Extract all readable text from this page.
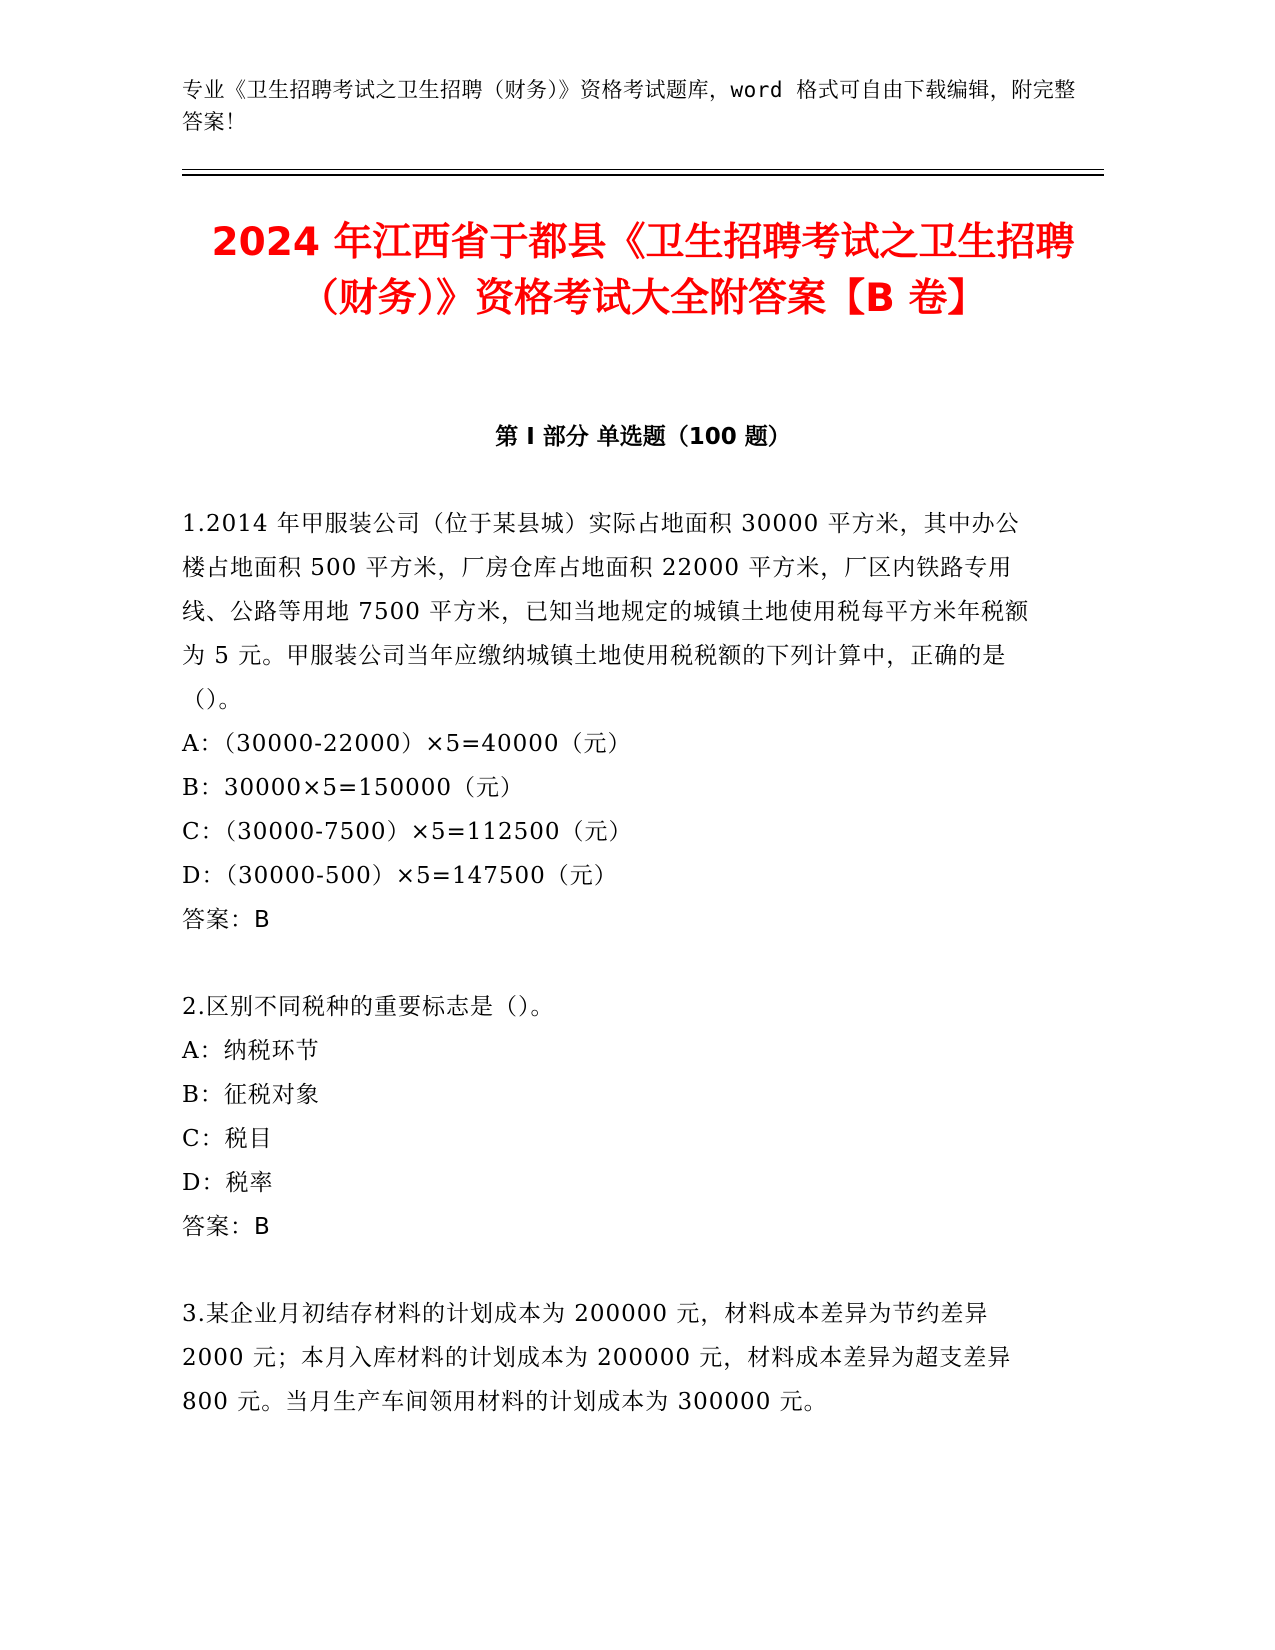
专业《卫生招聘考试之卫生招聘（财务）》资格考试题库，word 格式可自由下载编辑，附完整答案！
2024 年江西省于都县《卫生招聘考试之卫生招聘（财务）》资格考试大全附答案【B 卷】
第 I 部分 单选题（100 题）

1.2014 年甲服装公司（位于某县城）实际占地面积 30000 平方米，其中办公楼占地面积 500 平方米，厂房仓库占地面积 22000 平方米，厂区内铁路专用线、公路等用地 7500 平方米，已知当地规定的城镇土地使用税每平方米年税额为 5 元。甲服装公司当年应缴纳城镇土地使用税税额的下列计算中，正确的是（）。

A：（30000-22000）×5=40000（元）

B：30000×5=150000（元）

C：（30000-7500）×5=112500（元）

D：（30000-500）×5=147500（元）

答案：B

2.区别不同税种的重要标志是（）。

A：纳税环节

B：征税对象

C：税目

D：税率

答案：B

3.某企业月初结存材料的计划成本为 200000 元，材料成本差异为节约差异 2000 元；本月入库材料的计划成本为 200000 元，材料成本差异为超支差异 800 元。当月生产车间领用材料的计划成本为 300000 元。
